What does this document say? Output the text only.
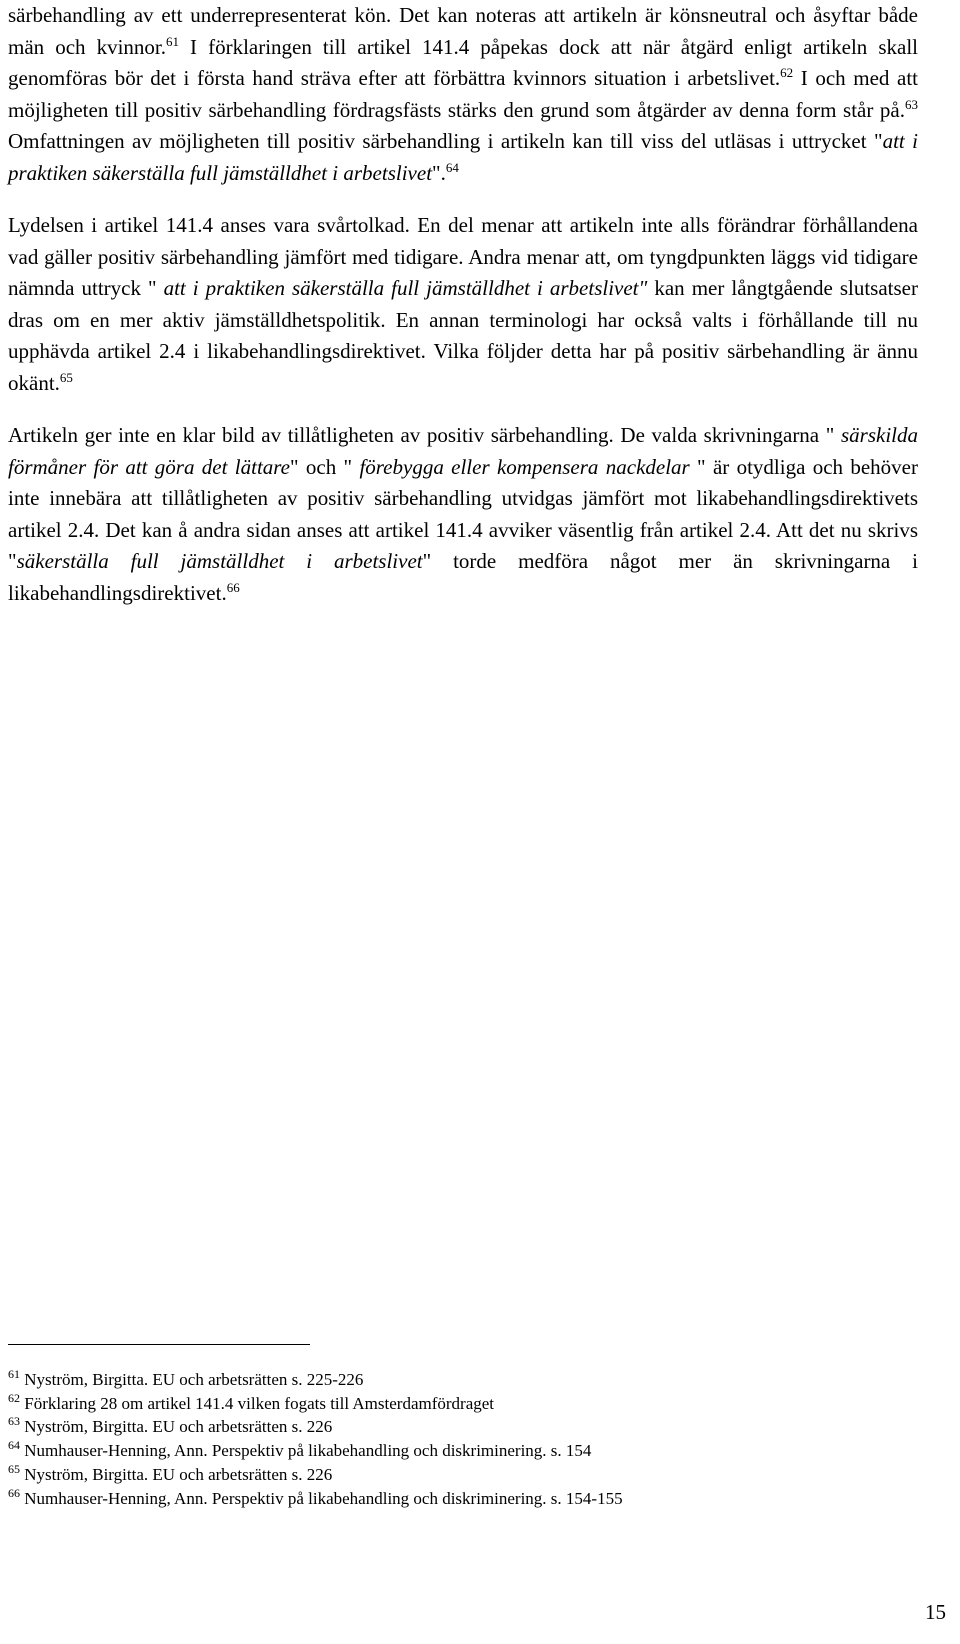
särbehandling av ett underrepresenterat kön. Det kan noteras att artikeln är könsneutral och åsyftar både män och kvinnor.$^{61}$ I förklaringen till artikel 141.4 påpekas dock att när åtgärd enligt artikeln skall genomföras bör det i första hand sträva efter att förbättra kvinnors situation i arbetslivet.$^{62}$ I och med att möjligheten till positiv särbehandling fördragsfästs stärks den grund som åtgärder av denna form står på.$^{63}$ Omfattningen av möjligheten till positiv särbehandling i artikeln kan till viss del utläsas i uttrycket "att i praktiken säkerställa full jämställdhet i arbetslivet".$^{64}$

Lydelsen i artikel 141.4 anses vara svårtolkad. En del menar att artikeln inte alls förändrar förhållandena vad gäller positiv särbehandling jämfört med tidigare. Andra menar att, om tyngdpunkten läggs vid tidigare nämnda uttryck " att i praktiken säkerställa full jämställdhet i arbetslivet" kan mer långtgående slutsatser dras om en mer aktiv jämställdhetspolitik. En annan terminologi har också valts i förhållande till nu upphävda artikel 2.4 i likabehandlingsdirektivet. Vilka följder detta har på positiv särbehandling är ännu okänt.$^{65}$

Artikeln ger inte en klar bild av tillåtligheten av positiv särbehandling. De valda skrivningarna " särskilda förmåner för att göra det lättare" och " förebygga eller kompensera nackdelar " är otydliga och behöver inte innebära att tillåtligheten av positiv särbehandling utvidgas jämfört mot likabehandlingsdirektivets artikel 2.4. Det kan å andra sidan anses att artikel 141.4 avviker väsentlig från artikel 2.4. Att det nu skrivs "säkerställa full jämställdhet i arbetslivet" torde medföra något mer än skrivningarna i likabehandlingsdirektivet.$^{66}$

$^{61}$ Nyström, Birgitta. EU och arbetsrätten s. 225-226

$^{62}$ Förklaring 28 om artikel 141.4 vilken fogats till Amsterdamfördraget

$^{63}$ Nyström, Birgitta. EU och arbetsrätten s. 226

$^{64}$ Numhauser-Henning, Ann. Perspektiv på likabehandling och diskriminering. s. 154

$^{65}$ Nyström, Birgitta. EU och arbetsrätten s. 226

$^{66}$ Numhauser-Henning, Ann. Perspektiv på likabehandling och diskriminering. s. 154-155

15
